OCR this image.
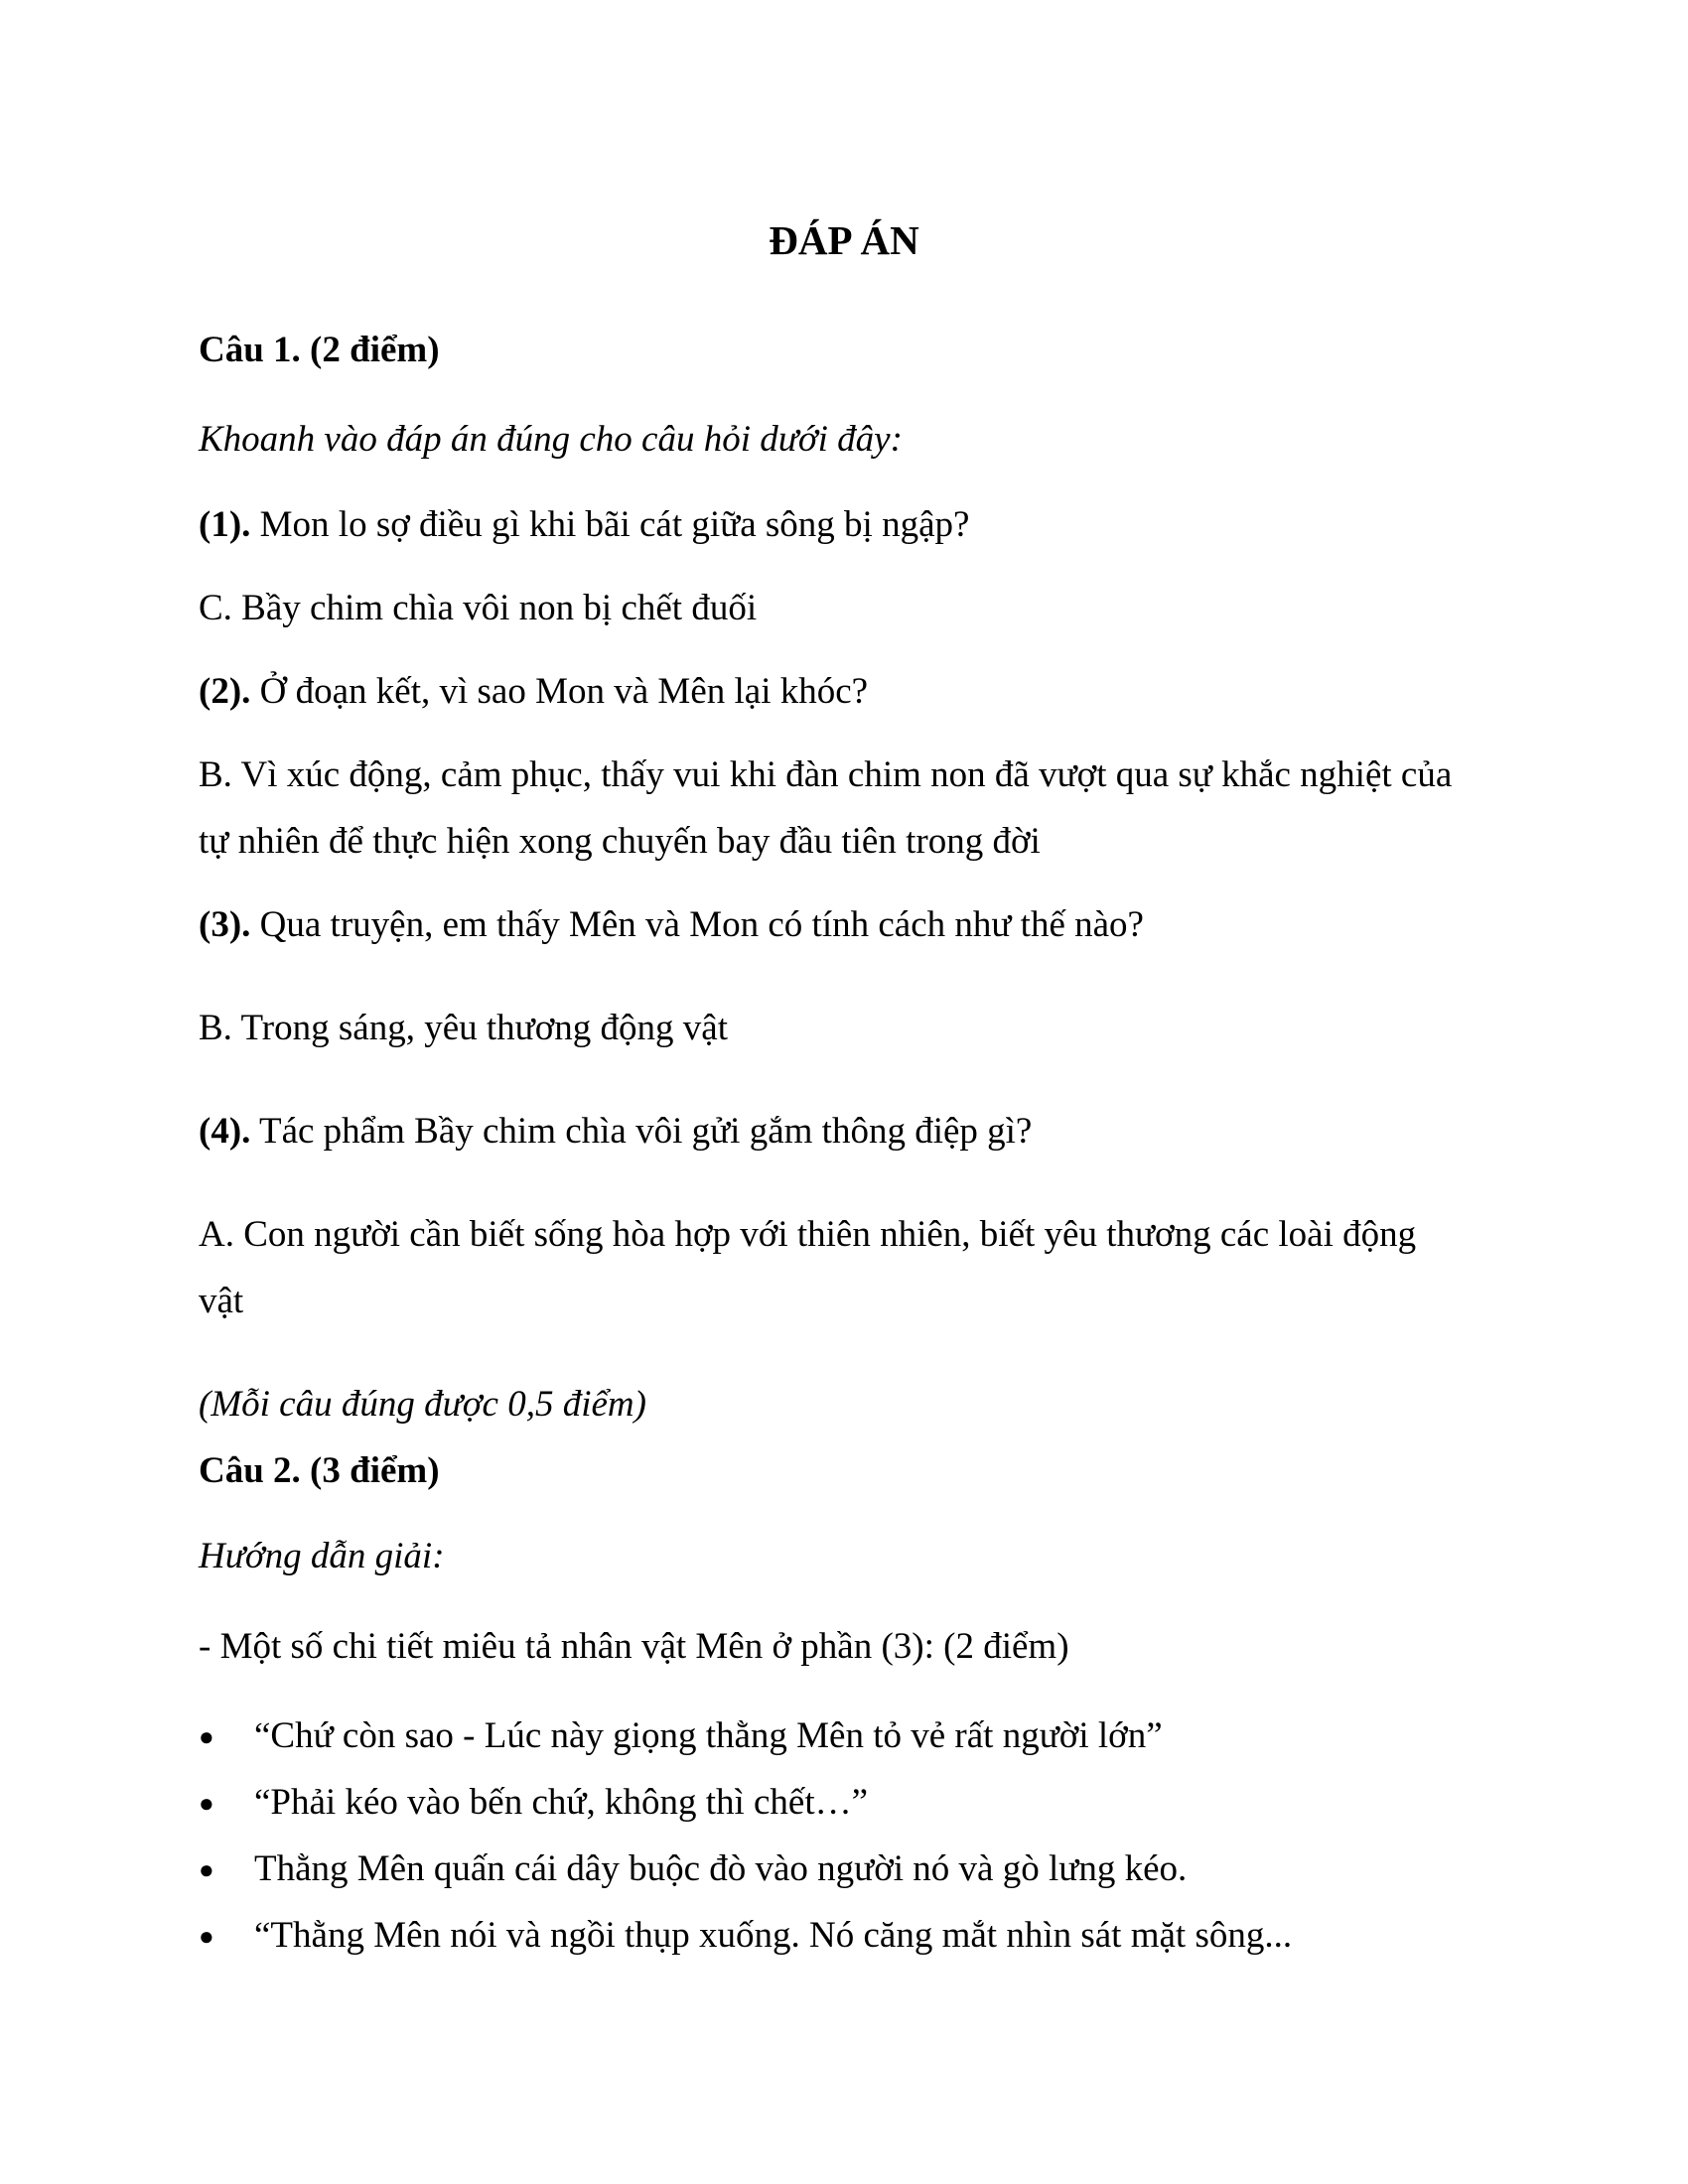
ĐÁP ÁN
Câu 1. (2 điểm)
Khoanh vào đáp án đúng cho câu hỏi dưới đây:
(1). Mon lo sợ điều gì khi bãi cát giữa sông bị ngập?
C. Bầy chim chìa vôi non bị chết đuối
(2). Ở đoạn kết, vì sao Mon và Mên lại khóc?
B. Vì xúc động, cảm phục, thấy vui khi đàn chim non đã vượt qua sự khắc nghiệt của
tự nhiên để thực hiện xong chuyến bay đầu tiên trong đời
(3). Qua truyện, em thấy Mên và Mon có tính cách như thế nào?
B. Trong sáng, yêu thương động vật
(4). Tác phẩm Bầy chim chìa vôi gửi gắm thông điệp gì?
A. Con người cần biết sống hòa hợp với thiên nhiên, biết yêu thương các loài động
vật
(Mỗi câu đúng được 0,5 điểm)
Câu 2. (3 điểm)
Hướng dẫn giải:
- Một số chi tiết miêu tả nhân vật Mên ở phần (3): (2 điểm)
● “Chứ còn sao - Lúc này giọng thằng Mên tỏ vẻ rất người lớn”
● “Phải kéo vào bến chứ, không thì chết…”
● Thằng Mên quấn cái dây buộc đò vào người nó và gò lưng kéo.
● “Thằng Mên nói và ngồi thụp xuống. Nó căng mắt nhìn sát mặt sông...
